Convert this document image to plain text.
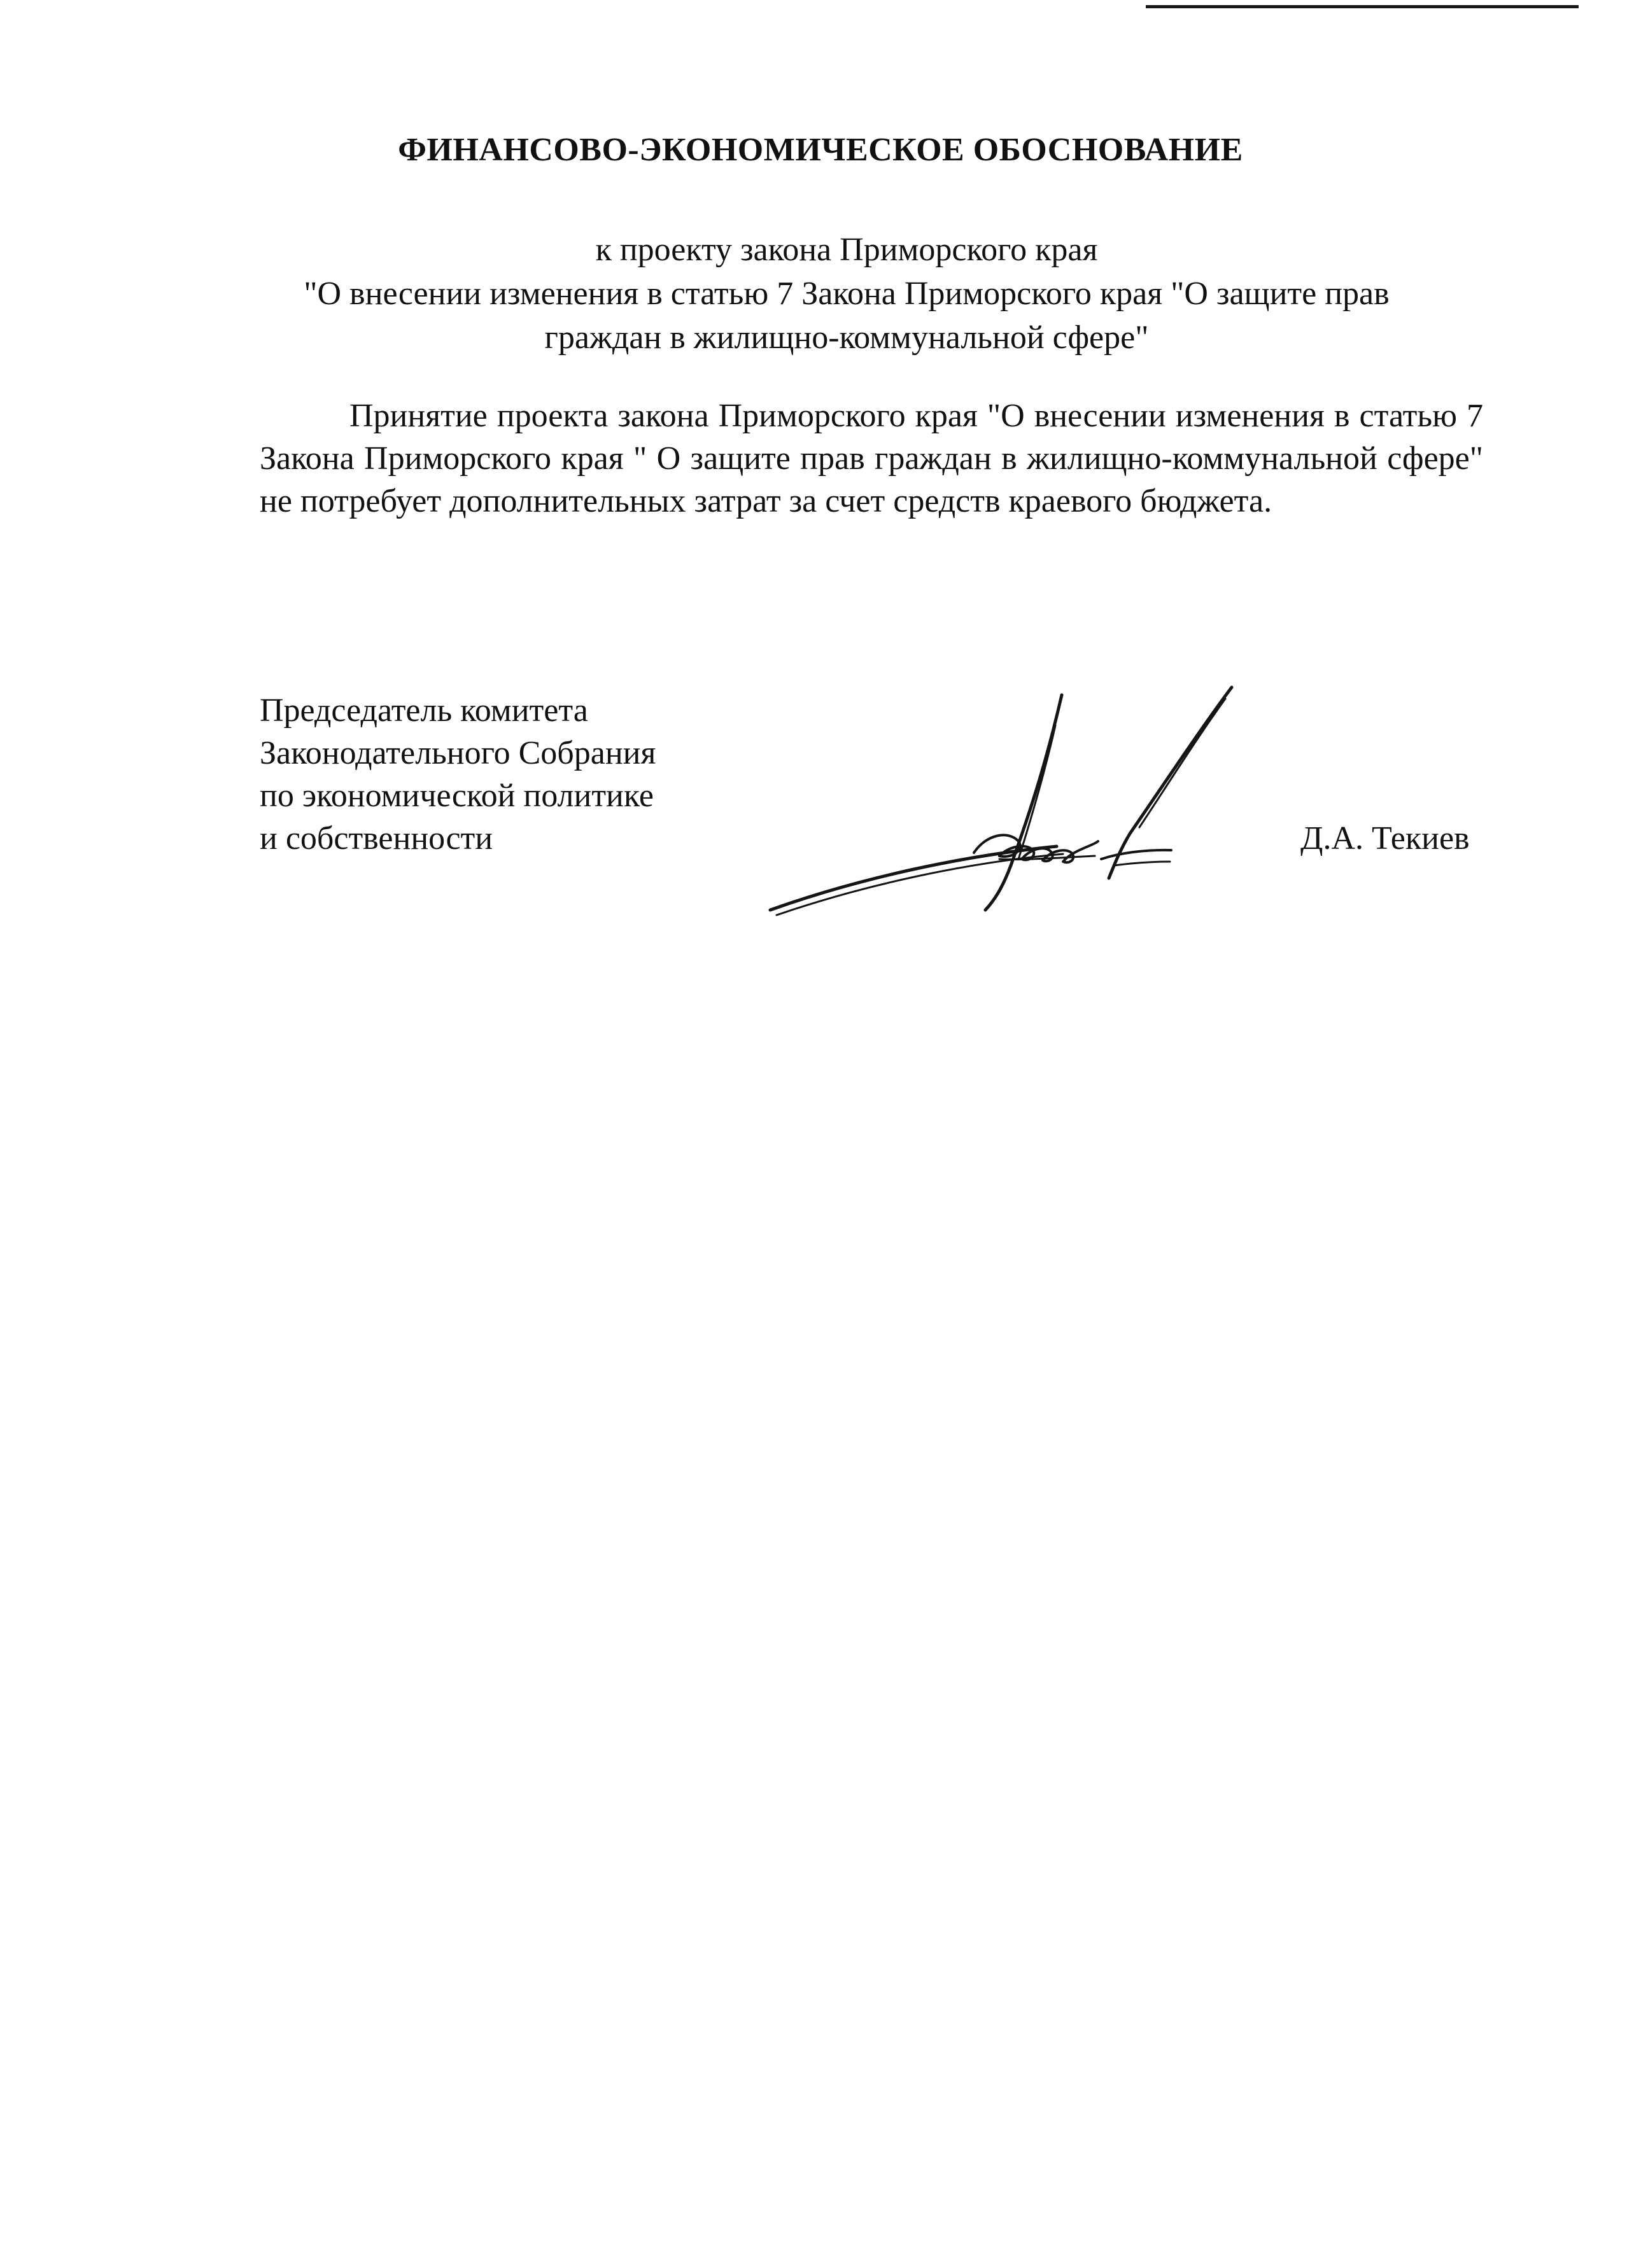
ФИНАНСОВО-ЭКОНОМИЧЕСКОЕ ОБОСНОВАНИЕ
к проекту закона Приморского края
"О внесении изменения в статью 7 Закона Приморского края "О защите прав
граждан в жилищно-коммунальной сфере"

Принятие проекта закона Приморского края "О внесении изменения в статью 7 Закона Приморского края " О защите прав граждан в жилищно-коммунальной сфере" не потребует дополнительных затрат за счет средств краевого бюджета.

Председатель комитета
Законодательного Собрания
по экономической политике
и собственности	Д.А. Текиев
